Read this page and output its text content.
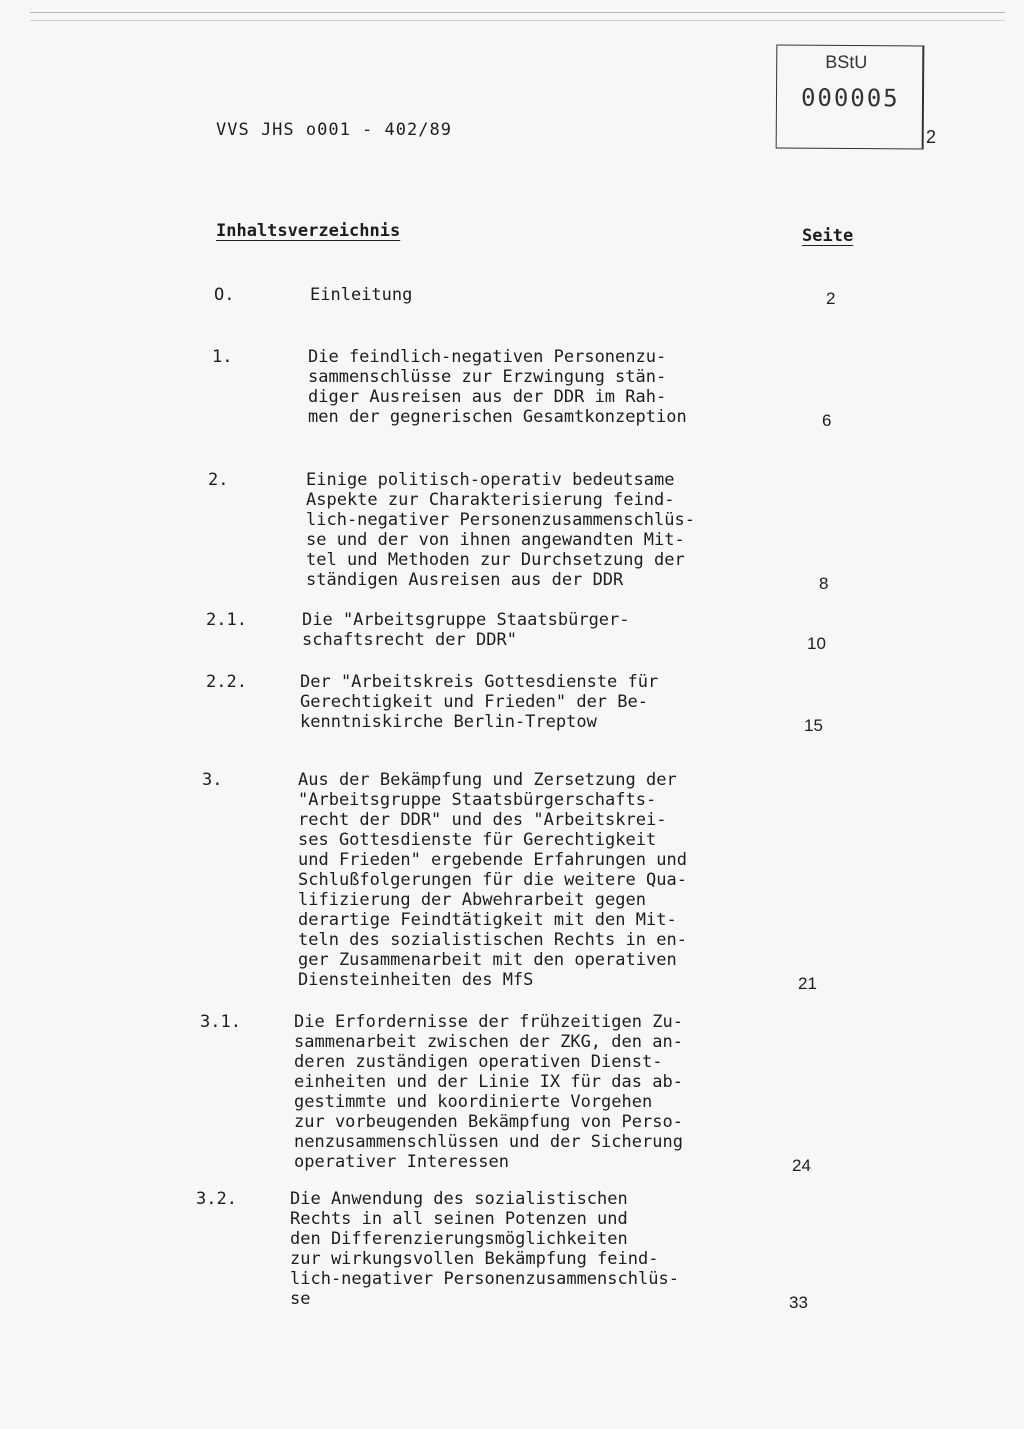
VVS JHS o001 - 402/89
BStU
000005
2
Inhaltsverzeichnis	Seite
O.	Einleitung	2
1.	Die feindlich-negativen Personenzu-
sammenschlüsse zur Erzwingung stän-
diger Ausreisen aus der DDR im Rah-
men der gegnerischen Gesamtkonzeption	6
2.	Einige politisch-operativ bedeutsame
Aspekte zur Charakterisierung feind-
lich-negativer Personenzusammenschlüs-
se und der von ihnen angewandten Mit-
tel und Methoden zur Durchsetzung der
ständigen Ausreisen aus der DDR	8
2.1.	Die "Arbeitsgruppe Staatsbürger-
schaftsrecht der DDR"	10
2.2.	Der "Arbeitskreis Gottesdienste für
Gerechtigkeit und Frieden" der Be-
kenntniskirche Berlin-Treptow	15
3.	Aus der Bekämpfung und Zersetzung der
"Arbeitsgruppe Staatsbürgerschafts-
recht der DDR" und des "Arbeitskrei-
ses Gottesdienste für Gerechtigkeit
und Frieden" ergebende Erfahrungen und
Schlußfolgerungen für die weitere Qua-
lifizierung der Abwehrarbeit gegen
derartige Feindtätigkeit mit den Mit-
teln des sozialistischen Rechts in en-
ger Zusammenarbeit mit den operativen
Diensteinheiten des MfS	21
3.1.	Die Erfordernisse der frühzeitigen Zu-
sammenarbeit zwischen der ZKG, den an-
deren zuständigen operativen Dienst-
einheiten und der Linie IX für das ab-
gestimmte und koordinierte Vorgehen
zur vorbeugenden Bekämpfung von Perso-
nenzusammenschlüssen und der Sicherung
operativer Interessen	24
3.2.	Die Anwendung des sozialistischen
Rechts in all seinen Potenzen und
den Differenzierungsmöglichkeiten
zur wirkungsvollen Bekämpfung feind-
lich-negativer Personenzusammenschlüs-
se	33
